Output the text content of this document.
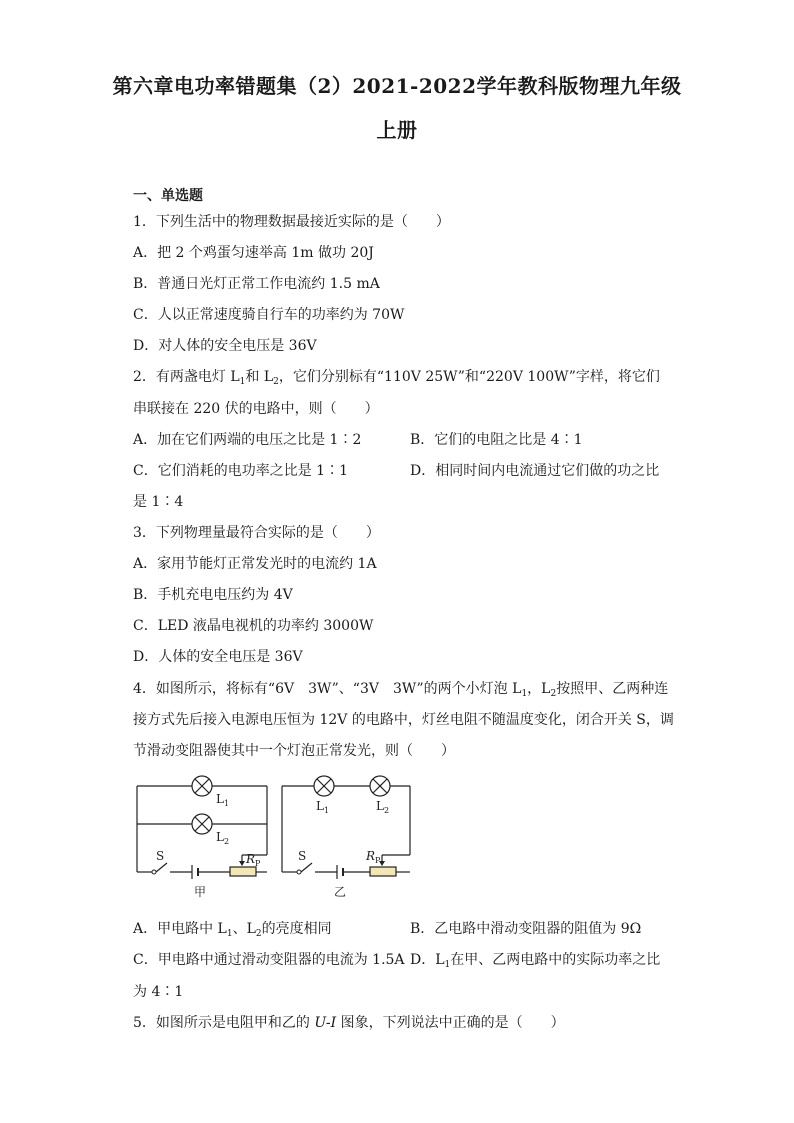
第六章电功率错题集（2）2021-2022学年教科版物理九年级
上册
一、单选题
1．下列生活中的物理数据最接近实际的是（　　）
A．把 2 个鸡蛋匀速举高 1m 做功 20J
B．普通日光灯正常工作电流约 1.5 mA
C．人以正常速度骑自行车的功率约为 70W
D．对人体的安全电压是 36V
2．有两盏电灯 $L_1$和 $L_2$，它们分别标有“110V 25W”和“220V 100W”字样，将它们
串联接在 220 伏的电路中，则（　　）
A．加在它们两端的电压之比是 1∶2	B．它们的电阻之比是 4∶1
C．它们消耗的电功率之比是 1∶1	D．相同时间内电流通过它们做的功之比
是 1∶4
3．下列物理量最符合实际的是（　　）
A．家用节能灯正常发光时的电流约 1A
B．手机充电电压约为 4V
C．LED 液晶电视机的功率约 3000W
D．人体的安全电压是 36V
4．如图所示，将标有“6V　3W”、“3V　3W”的两个小灯泡 $L_1$，$L_2$按照甲、乙两种连
接方式先后接入电源电压恒为 12V 的电路中，灯丝电阻不随温度变化，闭合开关 S，调
节滑动变阻器使其中一个灯泡正常发光，则（　　）
$L_1$
$L_2$
S	$R_P$
甲
$L_1$	$L_2$
S	$R_P$
乙
A．甲电路中 $L_1$、$L_2$的亮度相同	B．乙电路中滑动变阻器的阻值为 9Ω
C．甲电路中通过滑动变阻器的电流为 1.5A D．$L_1$在甲、乙两电路中的实际功率之比
为 4∶1
5．如图所示是电阻甲和乙的 U-I 图象，下列说法中正确的是（　　）
